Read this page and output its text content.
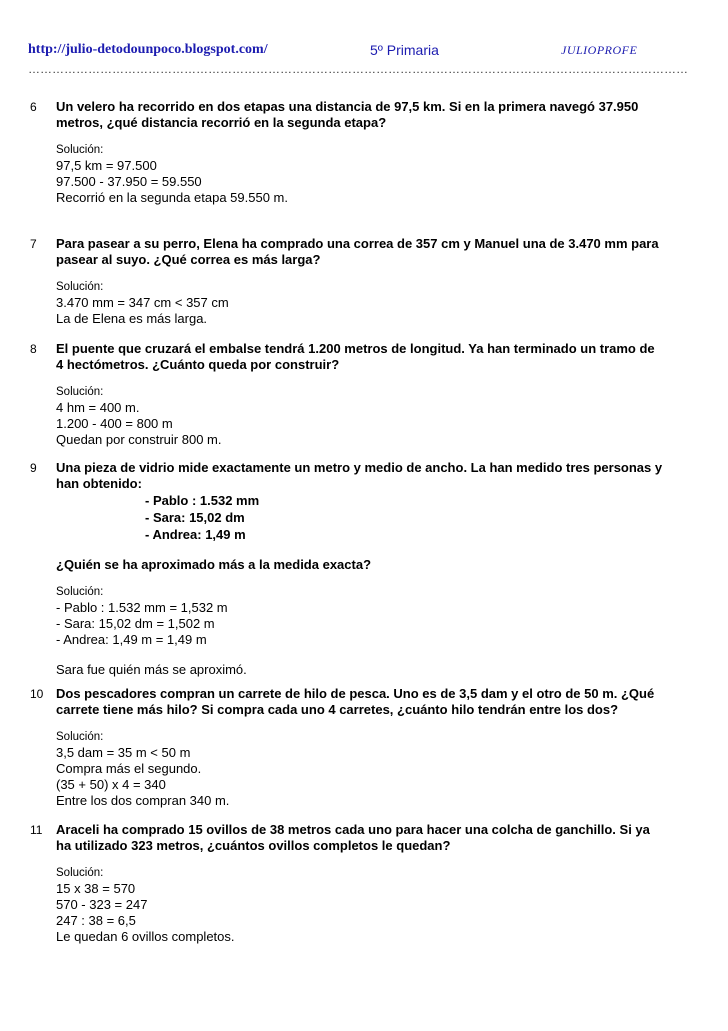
http://julio-detodounpoco.blogspot.com/	5º Primaria	JULIOPROFE
…………………………………………………………………………………………………………………………………………………
6 Un velero ha recorrido en dos etapas una distancia de 97,5 km. Si en la primera navegó 37.950
metros, ¿qué distancia recorrió en la segunda etapa?
Solución:
97,5 km = 97.500
97.500 - 37.950 = 59.550
Recorrió en la segunda etapa 59.550 m.
7 Para pasear a su perro, Elena ha comprado una correa de 357 cm y Manuel una de 3.470 mm para
pasear al suyo. ¿Qué correa es más larga?
Solución:
3.470 mm = 347 cm < 357 cm
La de Elena es más larga.
8 El puente que cruzará el embalse tendrá 1.200 metros de longitud. Ya han terminado un tramo de
4 hectómetros. ¿Cuánto queda por construir?
Solución:
4 hm = 400 m.
1.200 - 400 = 800 m
Quedan por construir 800 m.
9 Una pieza de vidrio mide exactamente un metro y medio de ancho. La han medido tres personas y
han obtenido:
- Pablo : 1.532 mm
- Sara: 15,02 dm
- Andrea: 1,49 m
¿Quién se ha aproximado más a la medida exacta?
Solución:
- Pablo : 1.532 mm = 1,532 m
- Sara: 15,02 dm = 1,502 m
- Andrea: 1,49 m = 1,49 m
Sara fue quién más se aproximó.
10 Dos pescadores compran un carrete de hilo de pesca. Uno es de 3,5 dam y el otro de 50 m. ¿Qué
carrete tiene más hilo? Si compra cada uno 4 carretes, ¿cuánto hilo tendrán entre los dos?
Solución:
3,5 dam = 35 m < 50 m
Compra más el segundo.
(35 + 50) x 4 = 340
Entre los dos compran 340 m.
11 Araceli ha comprado 15 ovillos de 38 metros cada uno para hacer una colcha de ganchillo. Si ya
ha utilizado 323 metros, ¿cuántos ovillos completos le quedan?
Solución:
15 x 38 = 570
570 - 323 = 247
247 : 38 = 6,5
Le quedan 6 ovillos completos.
